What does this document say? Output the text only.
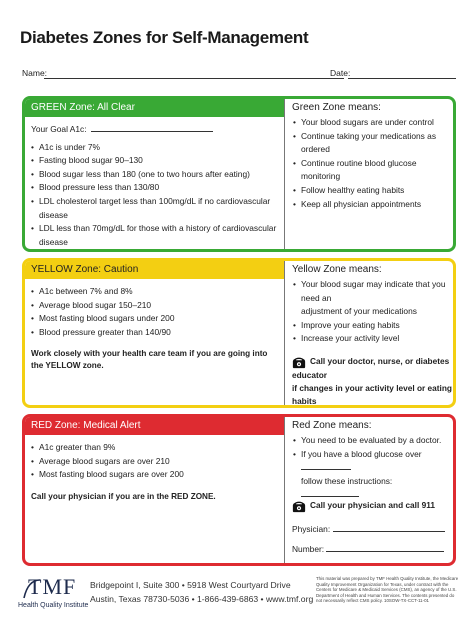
Diabetes Zones for Self-Management
Name:	Date:
GREEN Zone: All Clear
Your Goal A1c:
• A1c is under 7%
• Fasting blood sugar 90–130
• Blood sugar less than 180 (one to two hours after eating)
• Blood pressure less than 130/80
• LDL cholesterol target less than 100mg/dL if no cardiovascular disease
• LDL less than 70mg/dL for those with a history of cardiovascular disease
Green Zone means:
• Your blood sugars are under control
• Continue taking your medications as ordered
• Continue routine blood glucose monitoring
• Follow healthy eating habits
• Keep all physician appointments
YELLOW Zone: Caution
• A1c between 7% and 8%
• Average blood sugar 150–210
• Most fasting blood sugars under 200
• Blood pressure greater than 140/90
Work closely with your health care team if you are going into the YELLOW zone.
Yellow Zone means:
• Your blood sugar may indicate that you need an
adjustment of your medications
• Improve your eating habits
• Increase your activity level
Call your doctor, nurse, or diabetes educator
if changes in your activity level or eating habits
RED Zone: Medical Alert
• A1c greater than 9%
• Average blood sugars are over 210
• Most fasting blood sugars are over 200
Call your physician if you are in the RED ZONE.
Red Zone means:
• You need to be evaluated by a doctor.
• If you have a blood glucose over
follow these instructions:
Call your physician and call 911
Physician:
Number:
TMF
Health Quality Institute
Bridgepoint I, Suite 300 • 5918 West Courtyard Drive
Austin, Texas 78730-5036 • 1-866-439-6863 • www.tmf.org
This material was prepared by TMF Health Quality Institute, the Medicare Quality Improvement Organization for Texas, under contract with the Centers for Medicare & Medicaid Services (CMS), an agency of the U.S. Department of Health and Human Services. The contents presented do not necessarily reflect CMS policy. 10SOW-TX-CCT-11-01
